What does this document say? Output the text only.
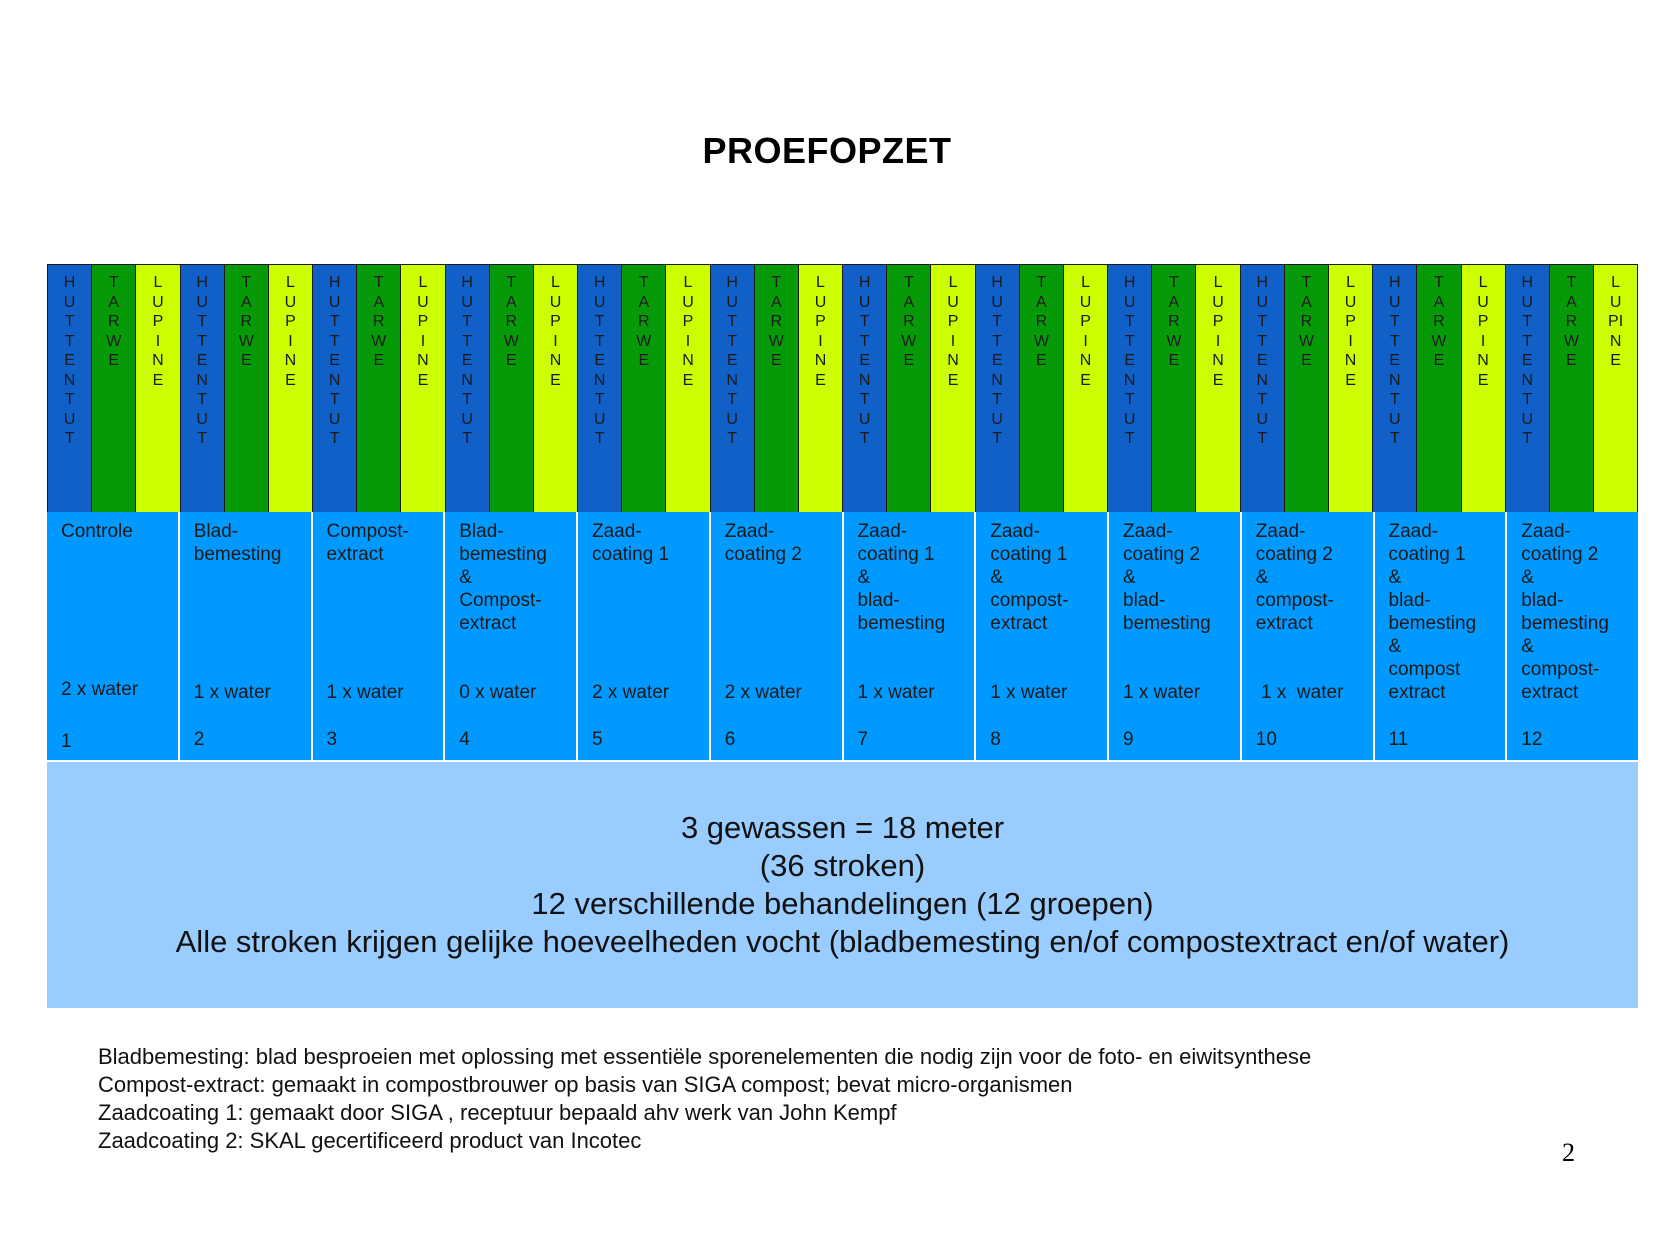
PROEFOPZET
H
U
T
T
E
N
T
U
T
T
A
R
W
E
L
U
P
I
N
E
H
U
T
T
E
N
T
U
T
T
A
R
W
E
L
U
P
I
N
E
H
U
T
T
E
N
T
U
T
T
A
R
W
E
L
U
P
I
N
E
H
U
T
T
E
N
T
U
T
T
A
R
W
E
L
U
P
I
N
E
H
U
T
T
E
N
T
U
T
T
A
R
W
E
L
U
P
I
N
E
H
U
T
T
E
N
T
U
T
T
A
R
W
E
L
U
P
I
N
E
H
U
T
T
E
N
T
U
T
T
A
R
W
E
L
U
P
I
N
E
H
U
T
T
E
N
T
U
T
T
A
R
W
E
L
U
P
I
N
E
H
U
T
T
E
N
T
U
T
T
A
R
W
E
L
U
P
I
N
E
H
U
T
T
E
N
T
U
T
T
A
R
W
E
L
U
P
I
N
E
H
U
T
T
E
N
T
U
T
T
A
R
W
E
L
U
P
I
N
E
H
U
T
T
E
N
T
U
T
T
A
R
W
E
L
U
PI
N
E
Controle
2 x water
1
Blad-
bemesting
1 x water
2
Compost-
extract
1 x water
3
Blad-
bemesting
&
Compost-
extract
0 x water
4
Zaad-
coating 1
2 x water
5
Zaad-
coating 2
2 x water
6
Zaad-
coating 1
&
blad-
bemesting
1 x water
7
Zaad-
coating 1
&
compost-
extract
1 x water
8
Zaad-
coating 2
&
blad-
bemesting
1 x water
9
Zaad-
coating 2
&
compost-
extract
1 x  water
10
Zaad-
coating 1
&
blad-
bemesting
&
compost
extract
11
Zaad-
coating 2
&
blad-
bemesting
&
compost-
extract
12
3 gewassen = 18 meter
(36 stroken)
12 verschillende behandelingen (12 groepen)
Alle stroken krijgen gelijke hoeveelheden vocht (bladbemesting en/of compostextract en/of water)
Bladbemesting: blad besproeien met oplossing met essentiële sporenelementen die nodig zijn voor de foto- en eiwitsynthese
Compost-extract: gemaakt in compostbrouwer op basis van SIGA compost; bevat micro-organismen
Zaadcoating 1: gemaakt door SIGA , receptuur bepaald ahv werk van John Kempf
Zaadcoating 2: SKAL gecertificeerd product van Incotec	2
